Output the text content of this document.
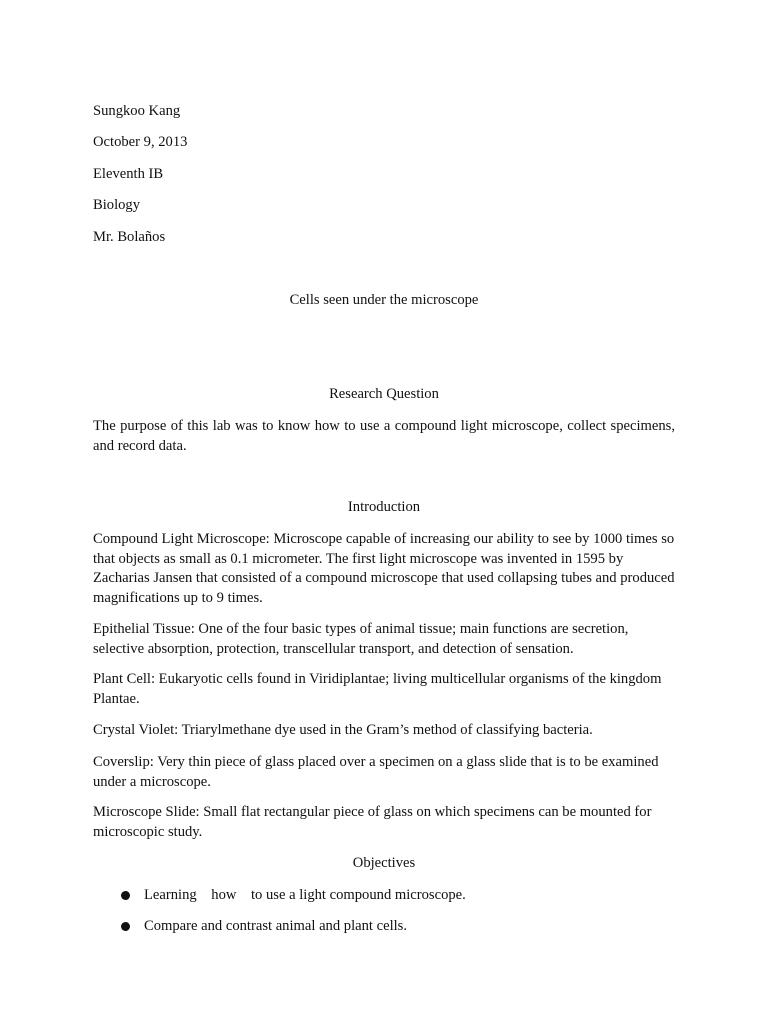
Sungkoo Kang
October 9, 2013
Eleventh IB
Biology
Mr. Bolaños
Cells seen under the microscope
Research Question
The purpose of this lab was to know how to use a compound light microscope, collect specimens, and record data.
Introduction
Compound Light Microscope: Microscope capable of increasing our ability to see by 1000 times so that objects as small as 0.1 micrometer. The first light microscope was invented in 1595 by Zacharias Jansen that consisted of a compound microscope that used collapsing tubes and produced magnifications up to 9 times.
Epithelial Tissue: One of the four basic types of animal tissue; main functions are secretion, selective absorption, protection, transcellular transport, and detection of sensation.
Plant Cell: Eukaryotic cells found in Viridiplantae; living multicellular organisms of the kingdom Plantae.
Crystal Violet: Triarylmethane dye used in the Gram’s method of classifying bacteria.
Coverslip: Very thin piece of glass placed over a specimen on a glass slide that is to be examined under a microscope.
Microscope Slide: Small flat rectangular piece of glass on which specimens can be mounted for microscopic study.
Objectives
Learning    how    to use a light compound microscope.
Compare and contrast animal and plant cells.
